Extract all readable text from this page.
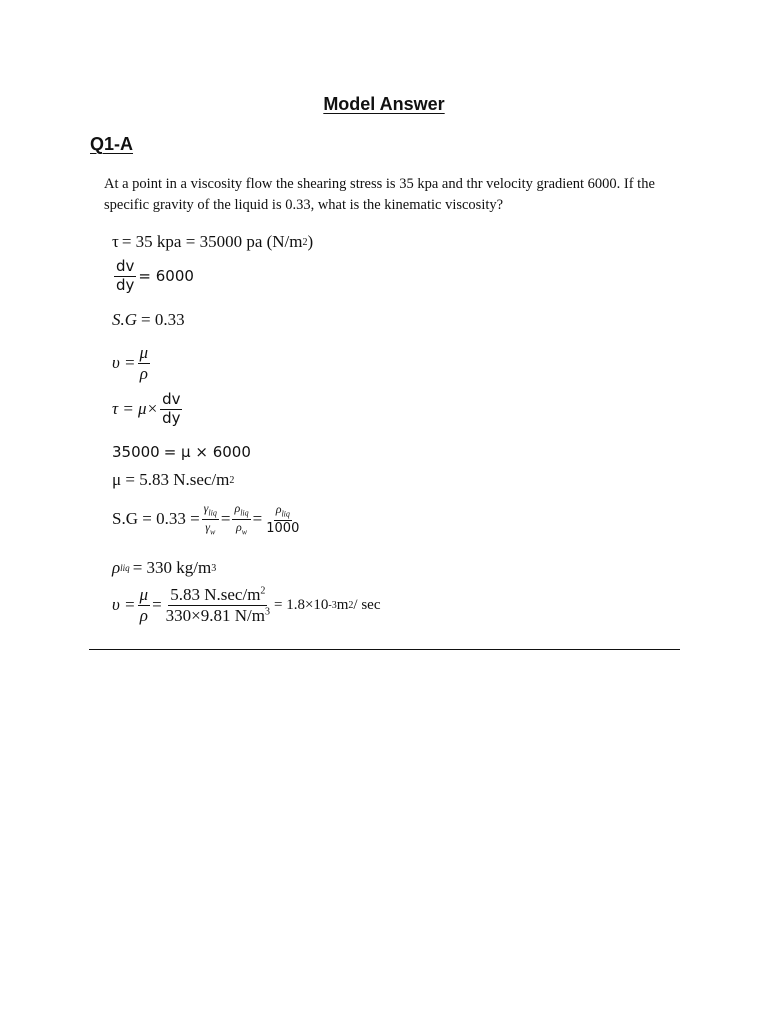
Model Answer
Q1-A
At a point in a viscosity flow the shearing stress is 35 kpa and thr velocity gradient 6000. If the specific gravity of the liquid is 0.33, what is the kinematic viscosity?
τ = 35 kpa = 35000 pa (N/m 2 )
$\frac{dv}{dy} = 6000$
S.G = 0.33
$\upsilon = \frac{\mu}{\rho}$
$\tau = \mu\times \frac{dv}{dy}$
35000 = μ × 6000
μ = 5.83 N.sec/m 2
$S.G = 0.33 = \frac{\gamma_{liq}}{\gamma_w} = \frac{\rho_{liq}}{\rho_w} = \frac{\rho_{liq}}{1000}$
ρ liq = 330 kg/m 3
$\upsilon = \frac{\mu}{\rho} = \frac{5.83 N.\sec/m^2}{330\times 9.81 N/m^3} = 1.8\times 10$ -3 m 2 / sec
